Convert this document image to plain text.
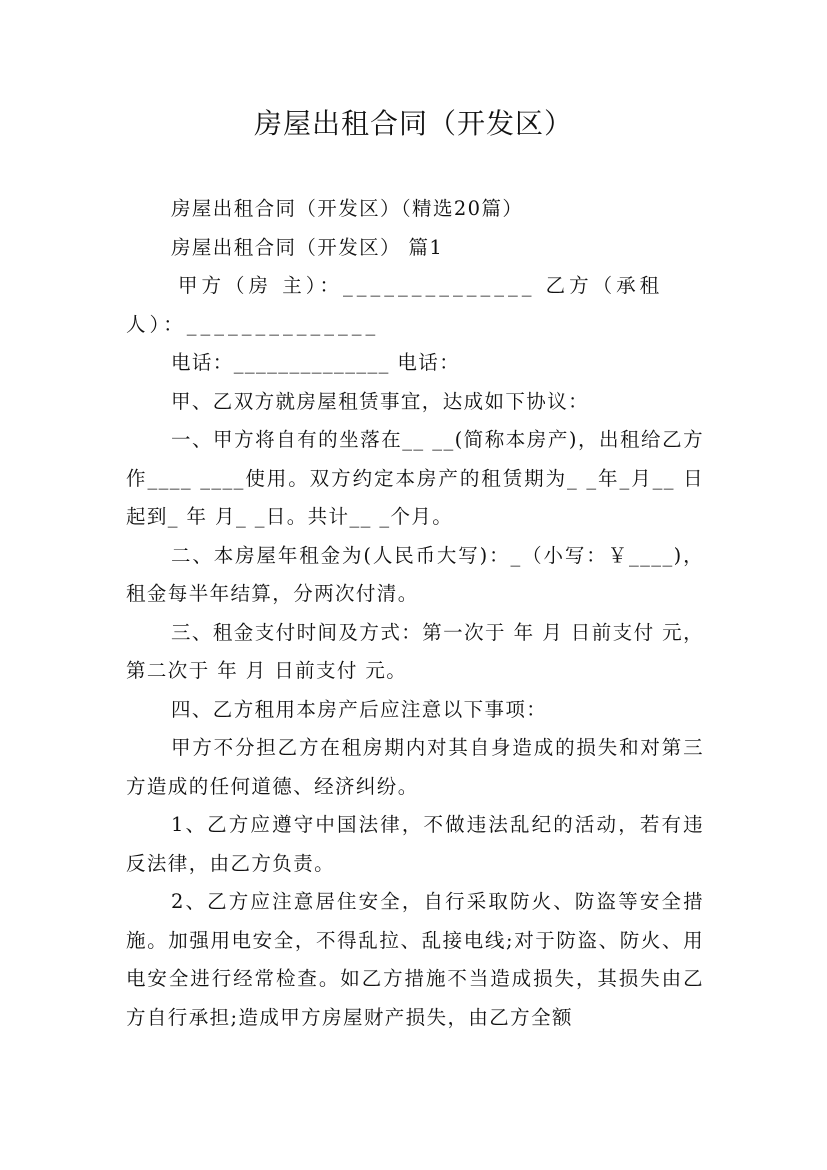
房屋出租合同（开发区）

房屋出租合同（开发区）（精选20篇）

房屋出租合同（开发区） 篇1

甲方（房 主）：______________ 乙方（承租人）：______________

电话：______________ 电话：

甲、乙双方就房屋租赁事宜，达成如下协议：

一、甲方将自有的坐落在__ __(简称本房产)，出租给乙方作____ ____使用。双方约定本房产的租赁期为_ _年_月__ 日起到_ 年 月_ _日。共计__ _个月。

二、本房屋年租金为(人民币大写)：_（小写：￥____)，租金每半年结算，分两次付清。

三、租金支付时间及方式：第一次于 年 月 日前支付 元，第二次于 年 月 日前支付 元。

四、乙方租用本房产后应注意以下事项：

甲方不分担乙方在租房期内对其自身造成的损失和对第三方造成的任何道德、经济纠纷。

1、乙方应遵守中国法律，不做违法乱纪的活动，若有违反法律，由乙方负责。

2、乙方应注意居住安全，自行采取防火、防盗等安全措施。加强用电安全，不得乱拉、乱接电线;对于防盗、防火、用电安全进行经常检查。如乙方措施不当造成损失，其损失由乙方自行承担;造成甲方房屋财产损失，由乙方全额
